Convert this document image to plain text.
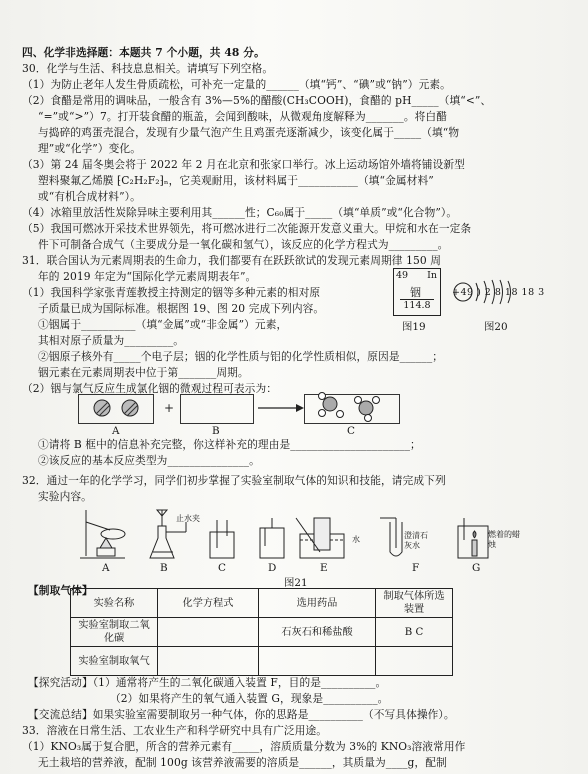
四、化学非选择题：本题共 7 个小题，共 48 分。
30．化学与生活、科技息息相关。请填写下列空格。
（1）为防止老年人发生骨质疏松，可补充一定量的______（填“钙”、“碘”或“钠”）元素。
（2）食醋是常用的调味品，一般含有 3%—5%的醋酸(CH₃COOH)，食醋的 pH_____（填“<”、
“=”或“>”）7。打开装食醋的瓶盖，会闻到酸味，从微观角度解释为_______。将白醋
与捣碎的鸡蛋壳混合，发现有少量气泡产生且鸡蛋壳逐渐减少，该变化属于_____（填“物
理”或“化学”）变化。
（3）第 24 届冬奥会将于 2022 年 2 月在北京和张家口举行。冰上运动场馆外墙将铺设新型
塑料聚氟乙烯膜 ⁅C₂H₂F₂⁆ₙ，它美观耐用，该材料属于___________（填“金属材料”
或“有机合成材料”）。
（4）冰箱里放活性炭除异味主要利用其______性；C₆₀属于_____（填“单质”或“化合物”）。
（5）我国可燃冰开采技术世界领先，将可燃冰进行二次能源开发意义重大。甲烷和水在一定条
件下可制备合成气（主要成分是一氧化碳和氢气），该反应的化学方程式为_________。
31．联合国认为元素周期表的生命力，我们都要有在跃跃欲试的发现元素周期律 150 周
年的 2019 年定为“国际化学元素周期表年”。
（1）我国科学家张青莲教授主持测定的铟等多种元素的相对原
子质量已成为国际标准。根据图 19、图 20 完成下列内容。
①铟属于__________（填“金属”或“非金属”）元素，
其相对原子质量为_________。
②铟原子核外有_____个电子层；铟的化学性质与铝的化学性质相似，原因是______；
铟元素在元素周期表中位于第_______周期。
（2）铟与氯气反应生成氯化铟的微观过程可表示为：
49 In
铟
114.8
图19	图20
+49 ) 2 8 18 18 3
A	B	C
①请将 B 框中的信息补充完整，你这样补充的理由是______________________；
②该反应的基本反应类型为_______________。
32．通过一年的化学学习，同学们初步掌握了实验室制取气体的知识和技能，请完成下列
实验内容。
A	B	C	D	E	F	G
图21
止水夹
水	澄清石灰水
燃着的蜡烛
【制取气体】
实验名称	化学方程式	选用药品	制取气体所选装置
实验室制取二氧化碳		石灰石和稀盐酸	B C
实验室制取氧气			
【探究活动】（1）通常将产生的二氧化碳通入装置 F，目的是__________。
（2）如果将产生的氧气通入装置 G，现象是__________。
【交流总结】如果实验室需要制取另一种气体，你的思路是__________（不写具体操作）。
33．溶液在日常生活、工农业生产和科学研究中具有广泛用途。
（1）KNO₃属于复合肥，所含的营养元素有_____，溶质质量分数为 3%的 KNO₃溶液常用作
无土栽培的营养液，配制 100g 该营养液需要的溶质是______，其质量为____g，配制
+
